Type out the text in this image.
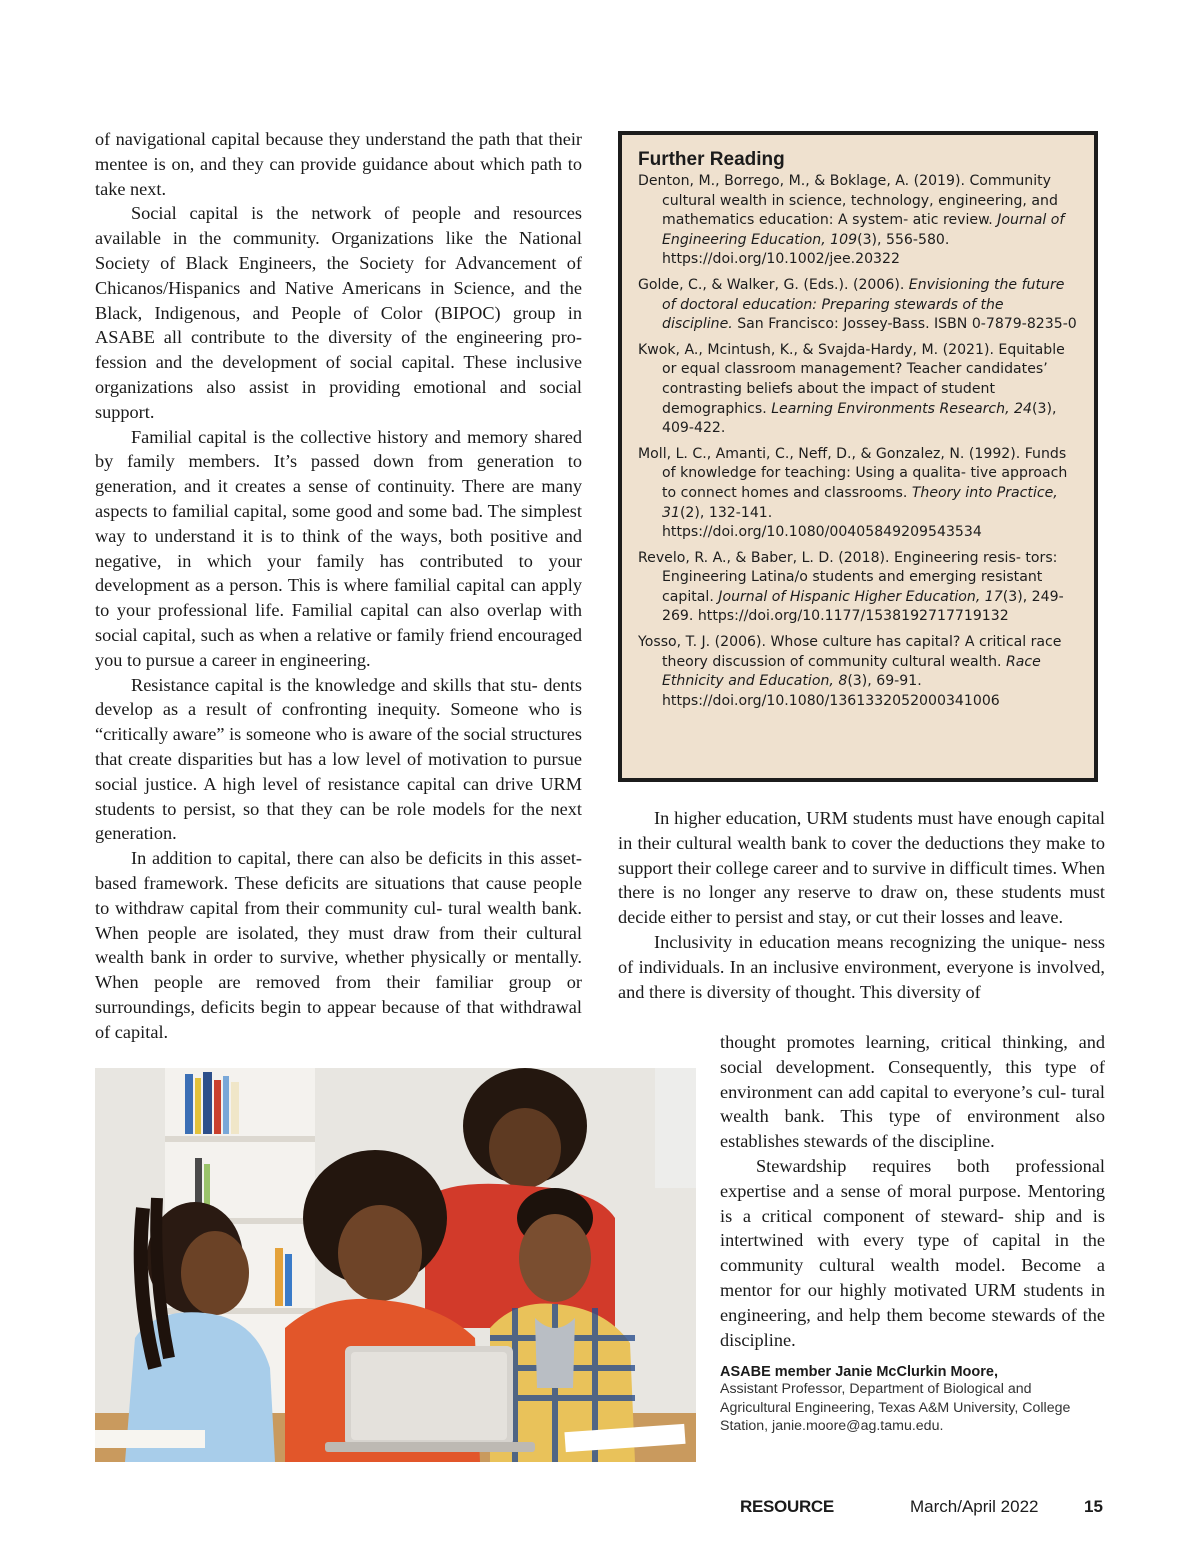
of navigational capital because they understand the path that their mentee is on, and they can provide guidance about which path to take next.

Social capital is the network of people and resources available in the community. Organizations like the National Society of Black Engineers, the Society for Advancement of Chicanos/Hispanics and Native Americans in Science, and the Black, Indigenous, and People of Color (BIPOC) group in ASABE all contribute to the diversity of the engineering pro- fession and the development of social capital. These inclusive organizations also assist in providing emotional and social support.

Familial capital is the collective history and memory shared by family members. It’s passed down from generation to generation, and it creates a sense of continuity. There are many aspects to familial capital, some good and some bad. The simplest way to understand it is to think of the ways, both positive and negative, in which your family has contributed to your development as a person. This is where familial capital can apply to your professional life. Familial capital can also overlap with social capital, such as when a relative or family friend encouraged you to pursue a career in engineering.

Resistance capital is the knowledge and skills that stu- dents develop as a result of confronting inequity. Someone who is “critically aware” is someone who is aware of the social structures that create disparities but has a low level of motivation to pursue social justice. A high level of resistance capital can drive URM students to persist, so that they can be role models for the next generation.

In addition to capital, there can also be deficits in this asset-based framework. These deficits are situations that cause people to withdraw capital from their community cul- tural wealth bank. When people are isolated, they must draw from their cultural wealth bank in order to survive, whether physically or mentally. When people are removed from their familiar group or surroundings, deficits begin to appear because of that withdrawal of capital.

Further Reading

Denton, M., Borrego, M., & Boklage, A. (2019). Community cultural wealth in science, technology, engineering, and mathematics education: A system- atic review. Journal of Engineering Education, 109(3), 556-580. https://doi.org/10.1002/jee.20322

Golde, C., & Walker, G. (Eds.). (2006). Envisioning the future of doctoral education: Preparing stewards of the discipline. San Francisco: Jossey-Bass. ISBN 0-7879-8235-0

Kwok, A., Mcintush, K., & Svajda-Hardy, M. (2021). Equitable or equal classroom management? Teacher candidates’ contrasting beliefs about the impact of student demographics. Learning Environments Research, 24(3), 409-422.

Moll, L. C., Amanti, C., Neff, D., & Gonzalez, N. (1992). Funds of knowledge for teaching: Using a qualita- tive approach to connect homes and classrooms. Theory into Practice, 31(2), 132-141. https://doi.org/10.1080/00405849209543534

Revelo, R. A., & Baber, L. D. (2018). Engineering resis- tors: Engineering Latina/o students and emerging resistant capital. Journal of Hispanic Higher Education, 17(3), 249-269. https://doi.org/10.1177/1538192717719132

Yosso, T. J. (2006). Whose culture has capital? A critical race theory discussion of community cultural wealth. Race Ethnicity and Education, 8(3), 69-91. https://doi.org/10.1080/1361332052000341006

In higher education, URM students must have enough capital in their cultural wealth bank to cover the deductions they make to support their college career and to survive in difficult times. When there is no longer any reserve to draw on, these students must decide either to persist and stay, or cut their losses and leave.

Inclusivity in education means recognizing the unique- ness of individuals. In an inclusive environment, everyone is involved, and there is diversity of thought. This diversity of

thought promotes learning, critical thinking, and social development. Consequently, this type of environment can add capital to everyone’s cul- tural wealth bank. This type of environment also establishes stewards of the discipline.

Stewardship requires both professional expertise and a sense of moral purpose. Mentoring is a critical component of steward- ship and is intertwined with every type of capital in the community cultural wealth model. Become a mentor for our highly motivated URM students in engineering, and help them become stewards of the discipline.

ASABE member Janie McClurkin Moore,
Assistant Professor, Department of Biological and Agricultural Engineering, Texas A&M University, College Station, janie.moore@ag.tamu.edu.
RESOURCE	March/April 2022	15
